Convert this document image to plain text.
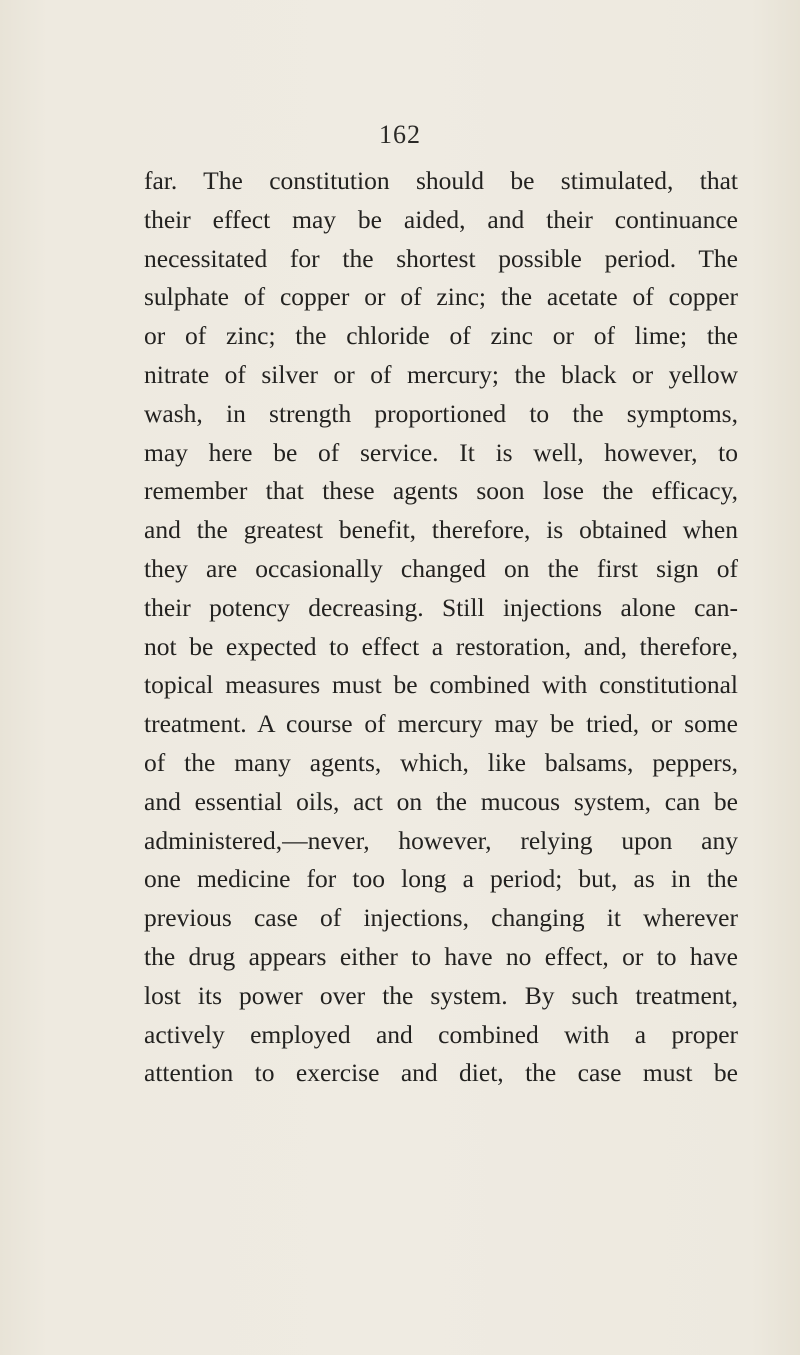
162
far. The constitution should be stimulated, that
their effect may be aided, and their continuance
necessitated for the shortest possible period. The
sulphate of copper or of zinc; the acetate of copper
or of zinc; the chloride of zinc or of lime; the
nitrate of silver or of mercury; the black or yellow
wash, in strength proportioned to the symptoms,
may here be of service. It is well, however, to
remember that these agents soon lose the efficacy,
and the greatest benefit, therefore, is obtained when
they are occasionally changed on the first sign of
their potency decreasing. Still injections alone can-
not be expected to effect a restoration, and, therefore,
topical measures must be combined with constitutional
treatment. A course of mercury may be tried, or some
of the many agents, which, like balsams, peppers,
and essential oils, act on the mucous system, can be
administered,—never, however, relying upon any
one medicine for too long a period; but, as in the
previous case of injections, changing it wherever
the drug appears either to have no effect, or to have
lost its power over the system. By such treatment,
actively employed and combined with a proper
attention to exercise and diet, the case must be
